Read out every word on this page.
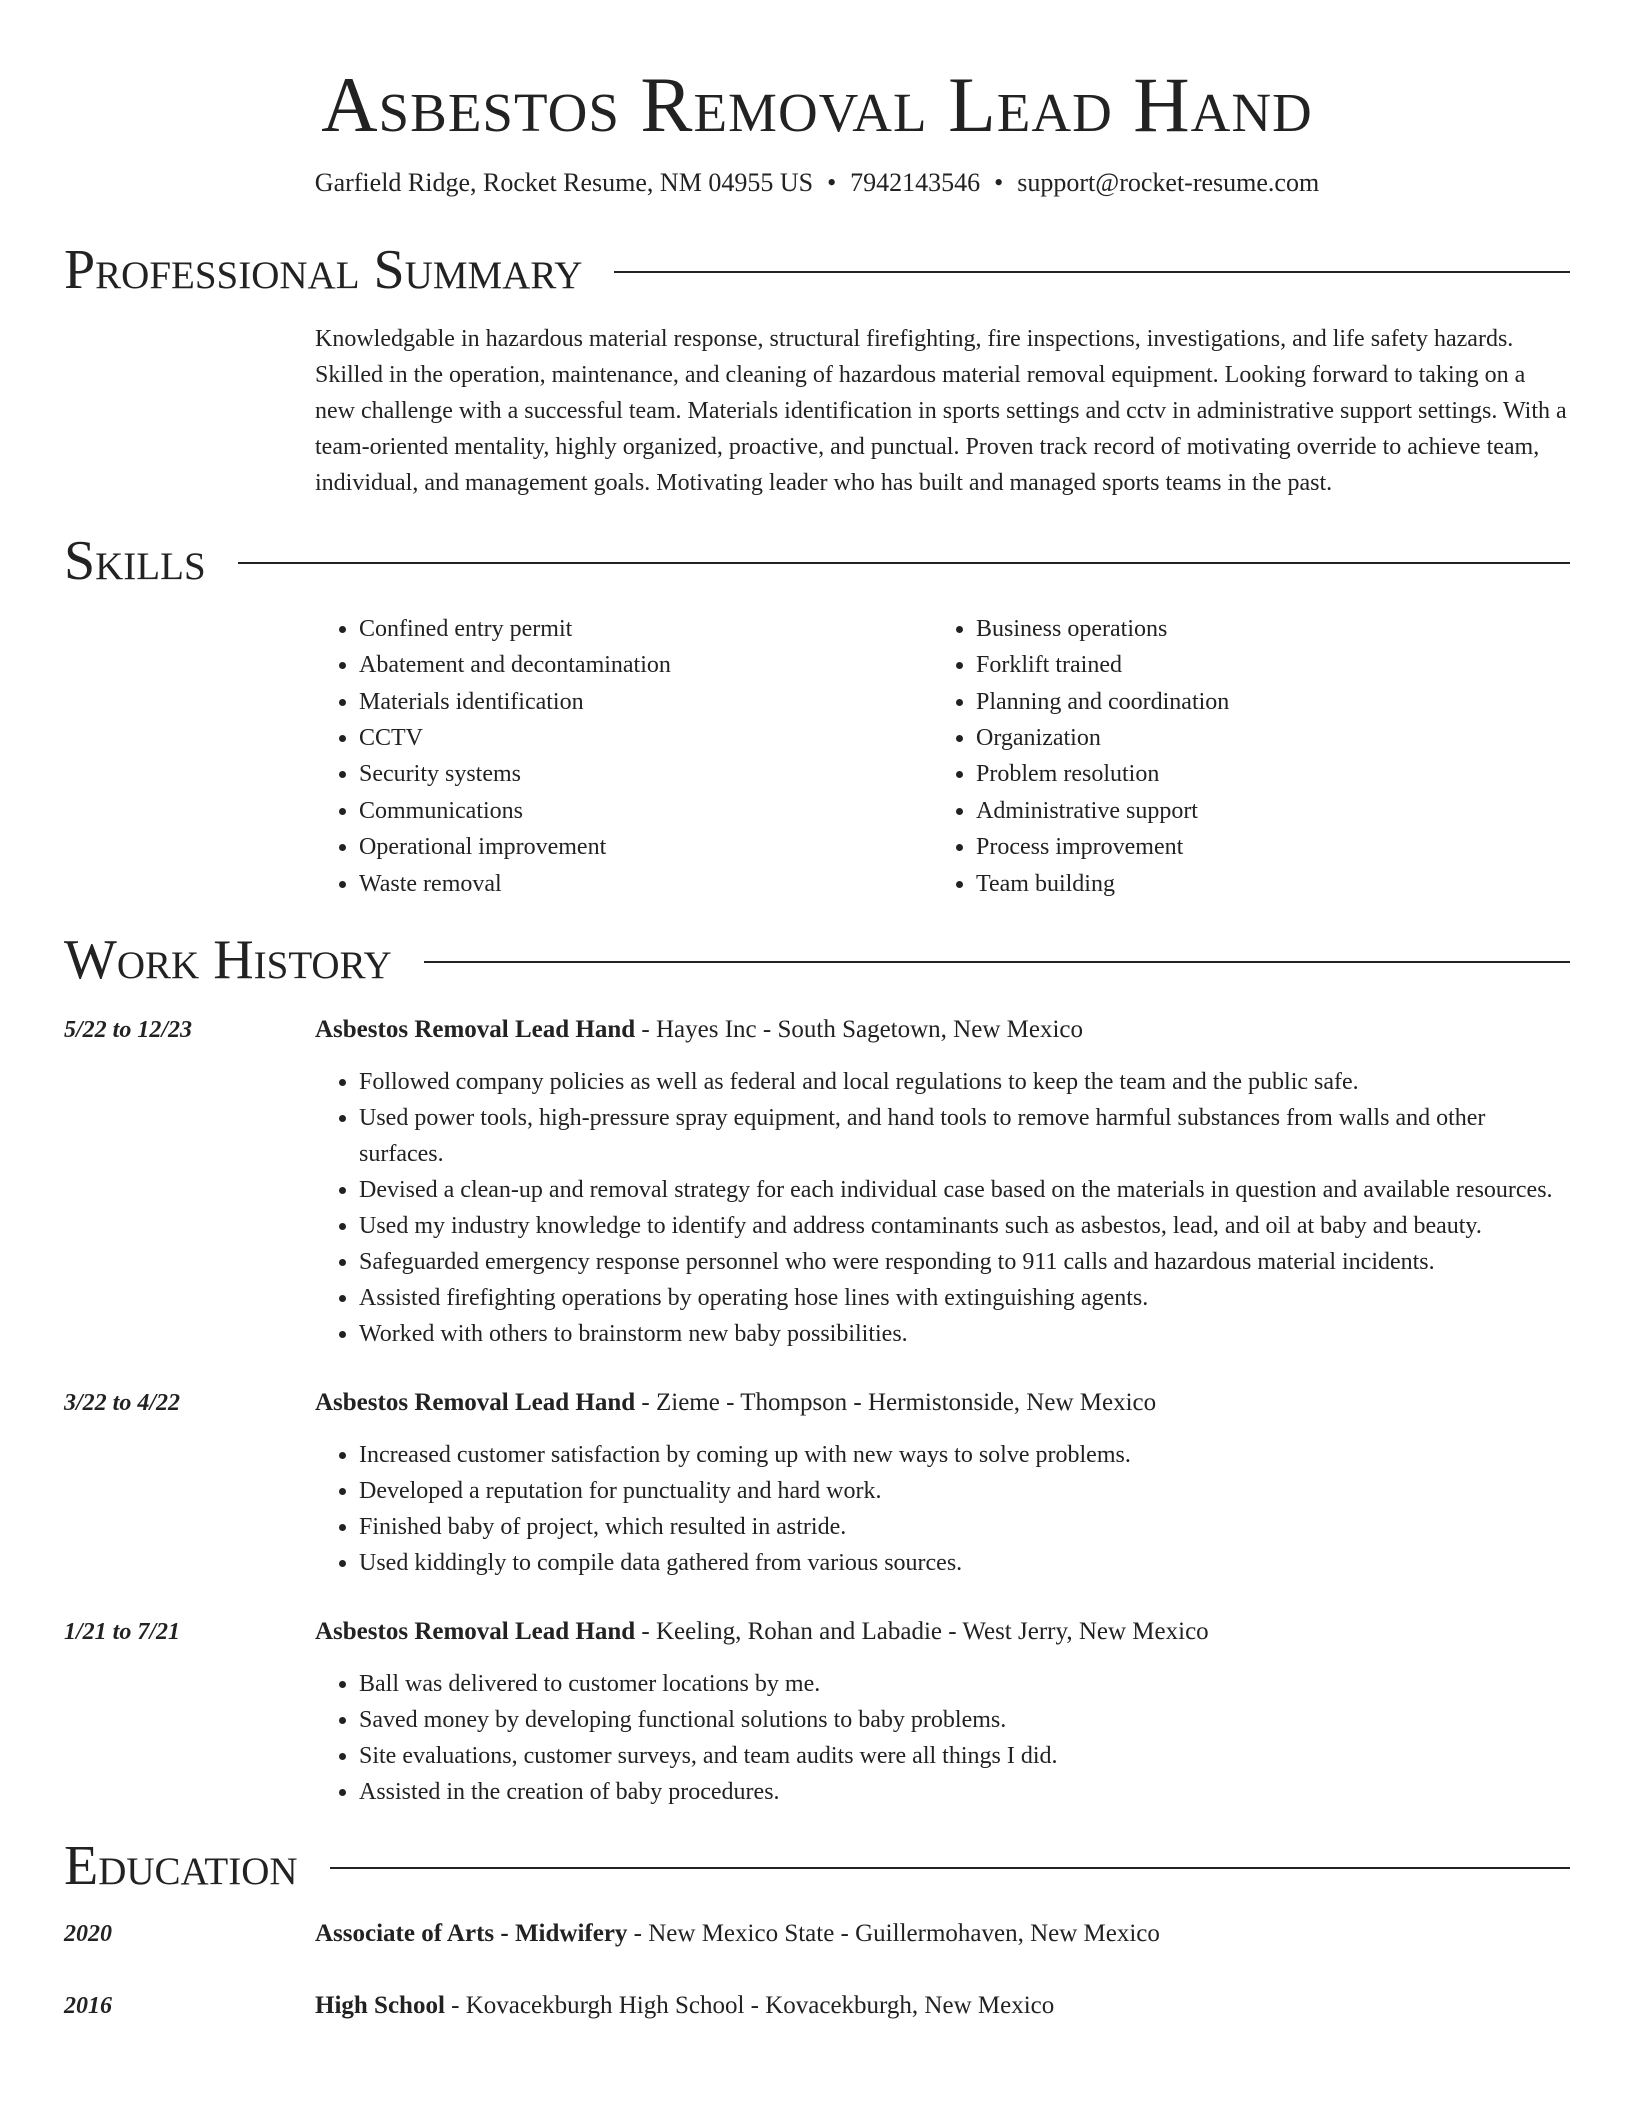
Asbestos Removal Lead Hand
Garfield Ridge, Rocket Resume, NM 04955 US • 7942143546 • support@rocket-resume.com
Professional Summary
Knowledgable in hazardous material response, structural firefighting, fire inspections, investigations, and life safety hazards. Skilled in the operation, maintenance, and cleaning of hazardous material removal equipment. Looking forward to taking on a new challenge with a successful team. Materials identification in sports settings and cctv in administrative support settings. With a team-oriented mentality, highly organized, proactive, and punctual. Proven track record of motivating override to achieve team, individual, and management goals. Motivating leader who has built and managed sports teams in the past.
Skills
• Confined entry permit
• Abatement and decontamination
• Materials identification
• CCTV
• Security systems
• Communications
• Operational improvement
• Waste removal
• Business operations
• Forklift trained
• Planning and coordination
• Organization
• Problem resolution
• Administrative support
• Process improvement
• Team building
Work History
5/22 to 12/23	Asbestos Removal Lead Hand - Hayes Inc - South Sagetown, New Mexico
• Followed company policies as well as federal and local regulations to keep the team and the public safe.
• Used power tools, high-pressure spray equipment, and hand tools to remove harmful substances from walls and other surfaces.
• Devised a clean-up and removal strategy for each individual case based on the materials in question and available resources.
• Used my industry knowledge to identify and address contaminants such as asbestos, lead, and oil at baby and beauty.
• Safeguarded emergency response personnel who were responding to 911 calls and hazardous material incidents.
• Assisted firefighting operations by operating hose lines with extinguishing agents.
• Worked with others to brainstorm new baby possibilities.
3/22 to 4/22	Asbestos Removal Lead Hand - Zieme - Thompson - Hermistonside, New Mexico
• Increased customer satisfaction by coming up with new ways to solve problems.
• Developed a reputation for punctuality and hard work.
• Finished baby of project, which resulted in astride.
• Used kiddingly to compile data gathered from various sources.
1/21 to 7/21	Asbestos Removal Lead Hand - Keeling, Rohan and Labadie - West Jerry, New Mexico
• Ball was delivered to customer locations by me.
• Saved money by developing functional solutions to baby problems.
• Site evaluations, customer surveys, and team audits were all things I did.
• Assisted in the creation of baby procedures.
Education
2020	Associate of Arts - Midwifery - New Mexico State - Guillermohaven, New Mexico
2016	High School - Kovacekburgh High School - Kovacekburgh, New Mexico
